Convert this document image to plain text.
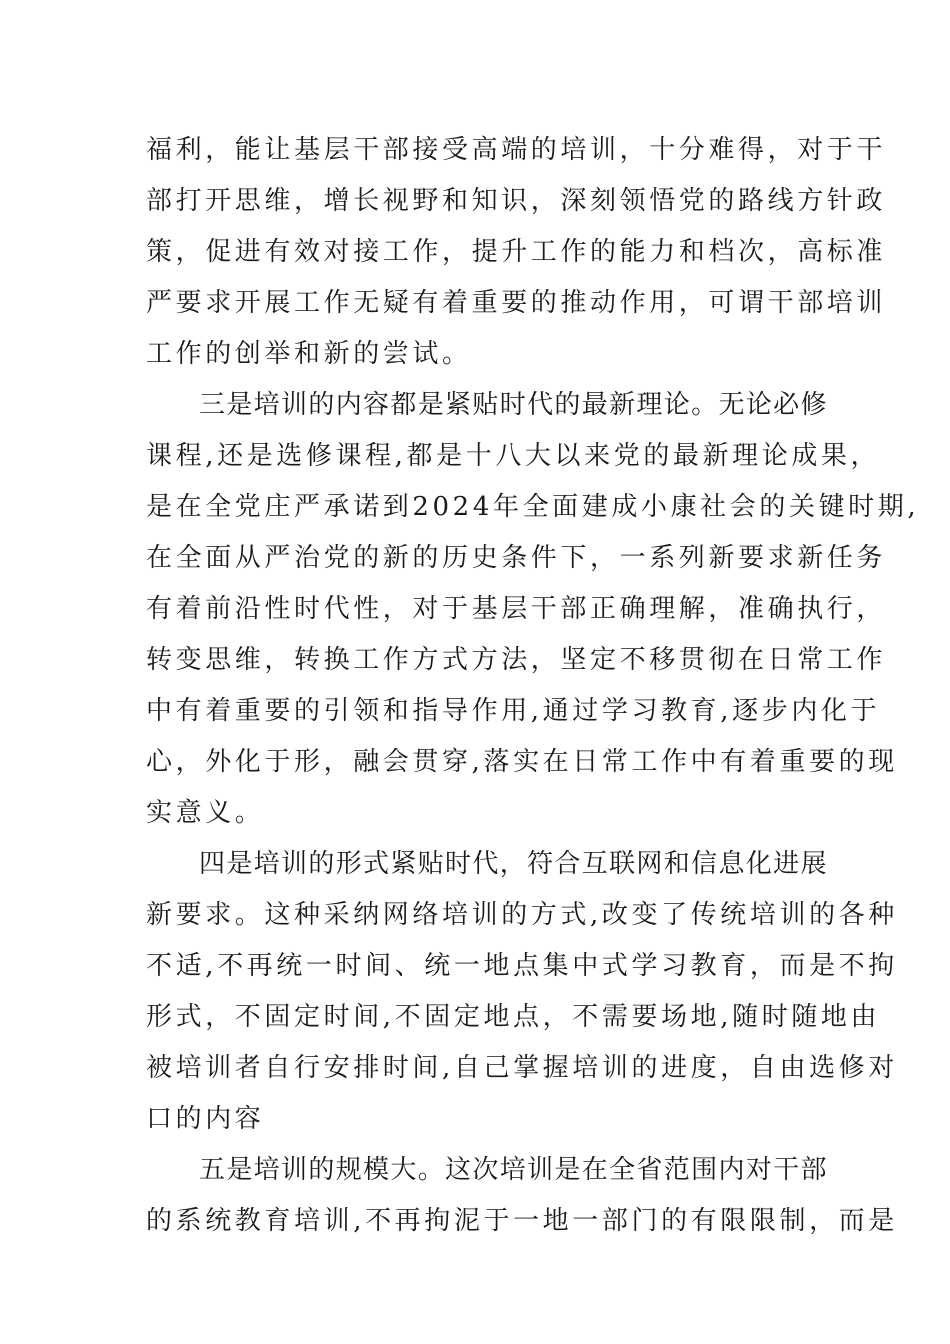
福利，能让基层干部接受高端的培训，十分难得，对于干
部打开思维，增长视野和知识，深刻领悟党的路线方针政
策，促进有效对接工作，提升工作的能力和档次，高标准
严要求开展工作无疑有着重要的推动作用，可谓干部培训
工作的创举和新的尝试。
三是培训的内容都是紧贴时代的最新理论。无论必修
课程,还是选修课程,都是十八大以来党的最新理论成果，
是在全党庄严承诺到2024年全面建成小康社会的关键时期,
在全面从严治党的新的历史条件下，一系列新要求新任务
有着前沿性时代性，对于基层干部正确理解，准确执行，
转变思维，转换工作方式方法，坚定不移贯彻在日常工作
中有着重要的引领和指导作用,通过学习教育,逐步内化于
心，外化于形，融会贯穿,落实在日常工作中有着重要的现
实意义。
四是培训的形式紧贴时代，符合互联网和信息化进展
新要求。这种采纳网络培训的方式,改变了传统培训的各种
不适,不再统一时间、统一地点集中式学习教育，而是不拘
形式，不固定时间,不固定地点，不需要场地,随时随地由
被培训者自行安排时间,自己掌握培训的进度，自由选修对
口的内容
五是培训的规模大。这次培训是在全省范围内对干部
的系统教育培训,不再拘泥于一地一部门的有限限制，而是
